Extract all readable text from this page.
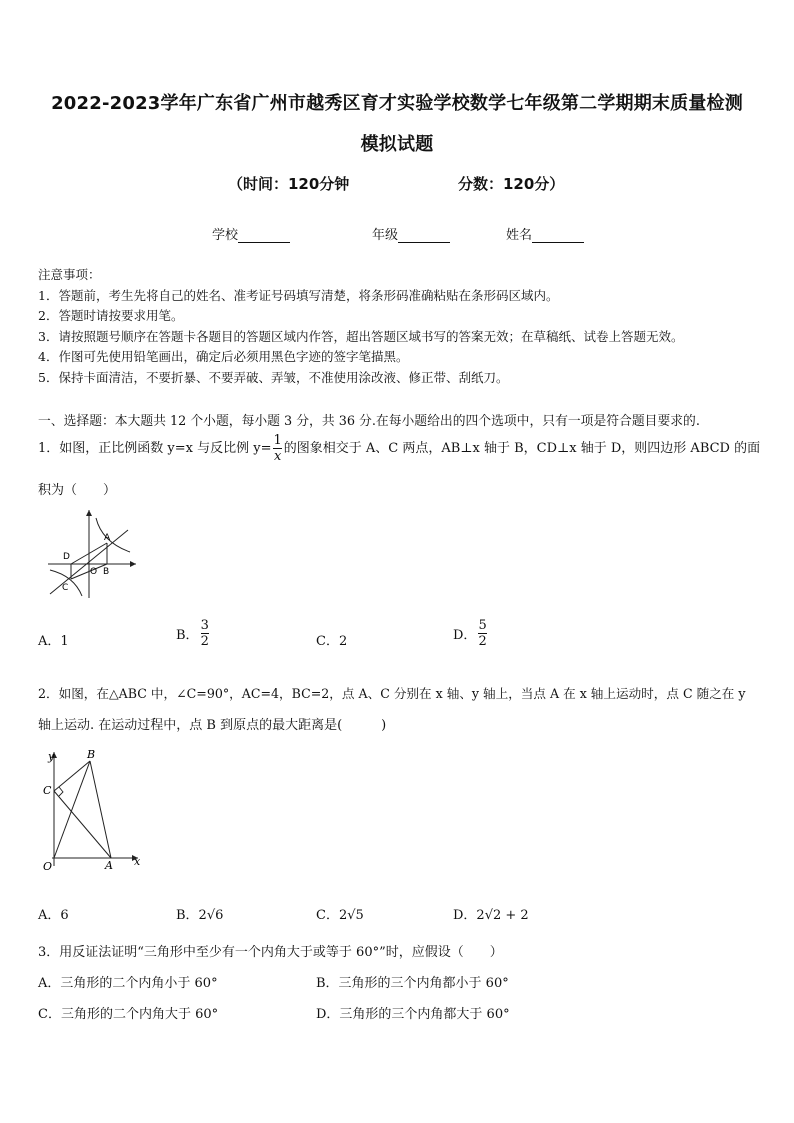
2022-2023学年广东省广州市越秀区育才实验学校数学七年级第二学期期末质量检测
模拟试题
（时间：120分钟	分数：120分）
学校	年级	姓名
注意事项：
1．答题前，考生先将自己的姓名、准考证号码填写清楚，将条形码准确粘贴在条形码区域内。
2．答题时请按要求用笔。
3．请按照题号顺序在答题卡各题目的答题区域内作答，超出答题区域书写的答案无效；在草稿纸、试卷上答题无效。
4．作图可先使用铅笔画出，确定后必须用黑色字迹的签字笔描黑。
5．保持卡面清洁，不要折暴、不要弄破、弄皱，不准使用涂改液、修正带、刮纸刀。
一、选择题：本大题共 12 个小题，每小题 3 分，共 36 分.在每小题给出的四个选项中，只有一项是符合题目要求的.
1．如图，正比例函数 y=x 与反比例 $y= \frac{1}{x}$ 的图象相交于 A、C 两点，AB⊥x 轴于 B，CD⊥x 轴于 D，则四边形 ABCD 的面
积为（　　）
A
B
C
D
O
A．1	B． $\frac{3}{2}$	C．2	D． $\frac{5}{2}$
2．如图，在△ABC 中，∠C=90°，AC=4，BC=2，点 A、C 分别在 x 轴、y 轴上，当点 A 在 x 轴上运动时，点 C 随之在 y
轴上运动. 在运动过程中，点 B 到原点的最大距离是(　　　)
y	B
C
O	A x
A．6	B．2√6	C．2√5	D．2√2 + 2
3．用反证法证明“三角形中至少有一个内角大于或等于 60°”时，应假设（　　）
A．三角形的二个内角小于 60°	B．三角形的三个内角都小于 60°
C．三角形的二个内角大于 60°	D．三角形的三个内角都大于 60°
